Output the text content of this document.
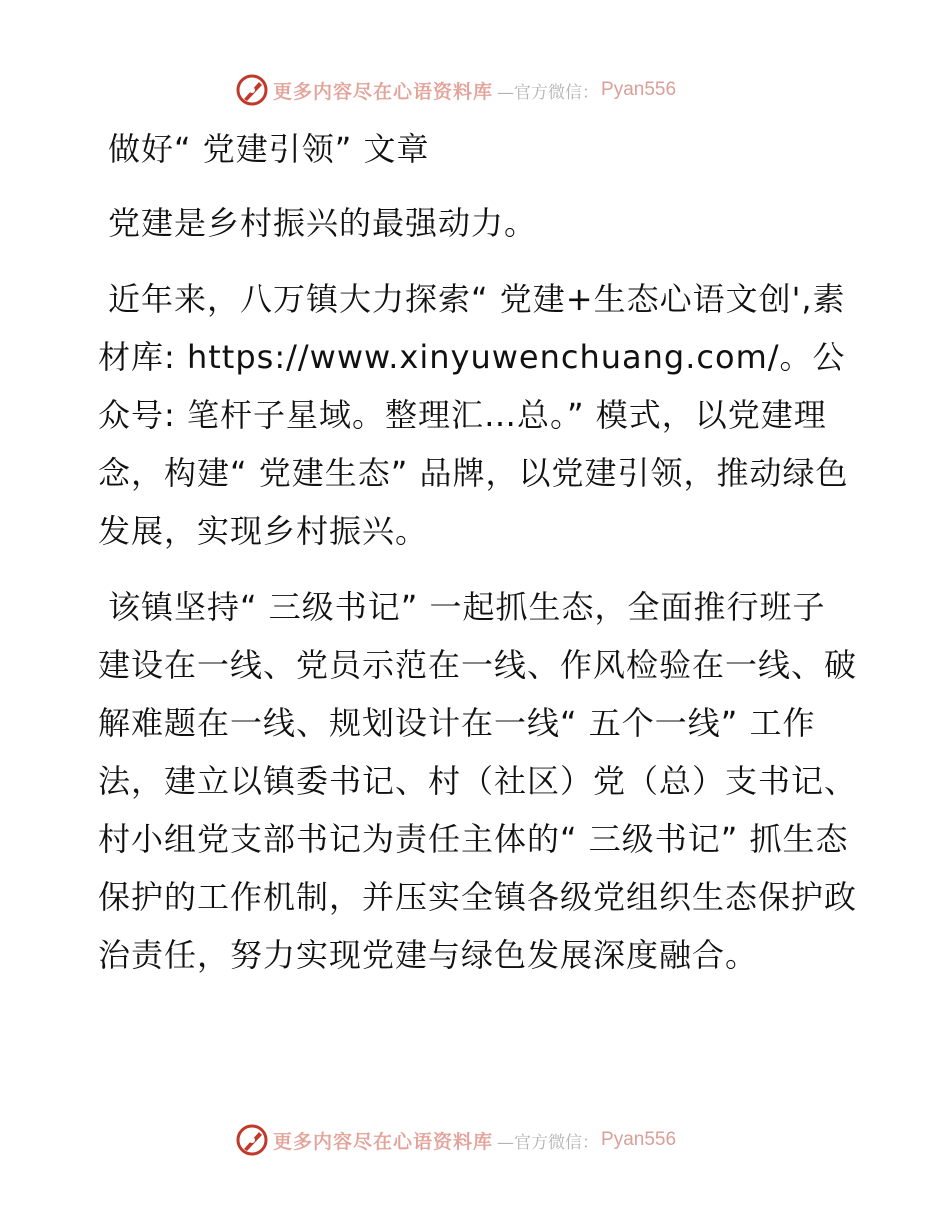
更多内容尽在心语资料库 —官方微信： Pyan556

做好“ 党建引领” 文章

党建是乡村振兴的最强动力。

近年来，八万镇大力探索“ 党建+生态心语文创',素材库: https://www.xinyuwenchuang.com/。公众号: 笔杆子星域。整理汇…总。” 模式，以党建理念，构建“ 党建生态” 品牌，以党建引领，推动绿色发展，实现乡村振兴。

该镇坚持“ 三级书记” 一起抓生态，全面推行班子建设在一线、党员示范在一线、作风检验在一线、破解难题在一线、规划设计在一线“ 五个一线” 工作法，建立以镇委书记、村（社区）党（总）支书记、村小组党支部书记为责任主体的“ 三级书记” 抓生态保护的工作机制，并压实全镇各级党组织生态保护政治责任，努力实现党建与绿色发展深度融合。

更多内容尽在心语资料库 —官方微信： Pyan556
